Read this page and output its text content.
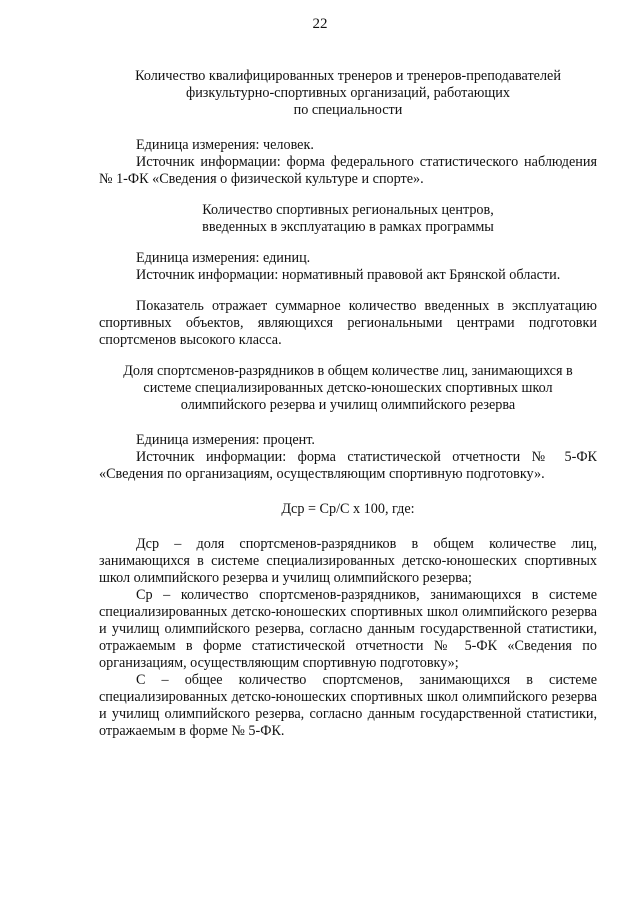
22
Количество квалифицированных тренеров и тренеров-преподавателей
физкультурно-спортивных организаций, работающих
по специальности

Единица измерения: человек.

Источник информации: форма федерального статистического наблюдения № 1-ФК «Сведения о физической культуре и спорте».

Количество спортивных региональных центров,
введенных в эксплуатацию в рамках программы

Единица измерения: единиц.

Источник информации: нормативный правовой акт Брянской области.

Показатель отражает суммарное количество введенных в эксплуатацию спортивных объектов, являющихся региональными центрами подготовки спортсменов высокого класса.

Доля спортсменов-разрядников в общем количестве лиц, занимающихся в
системе специализированных детско-юношеских спортивных школ
олимпийского резерва и училищ олимпийского резерва

Единица измерения: процент.

Источник информации: форма статистической отчетности № 5-ФК «Сведения по организациям, осуществляющим спортивную подготовку».

Дср = Ср/С х 100, где:

Дср – доля спортсменов-разрядников в общем количестве лиц, занимающихся в системе специализированных детско-юношеских спортивных школ олимпийского резерва и училищ олимпийского резерва;

Ср – количество спортсменов-разрядников, занимающихся в системе специализированных детско-юношеских спортивных школ олимпийского резерва и училищ олимпийского резерва, согласно данным государственной статистики, отражаемым в форме статистической отчетности № 5-ФК «Сведения по организациям, осуществляющим спортивную подготовку»;

С – общее количество спортсменов, занимающихся в системе специализированных детско-юношеских спортивных школ олимпийского резерва и училищ олимпийского резерва, согласно данным государственной статистики, отражаемым в форме № 5-ФК.
